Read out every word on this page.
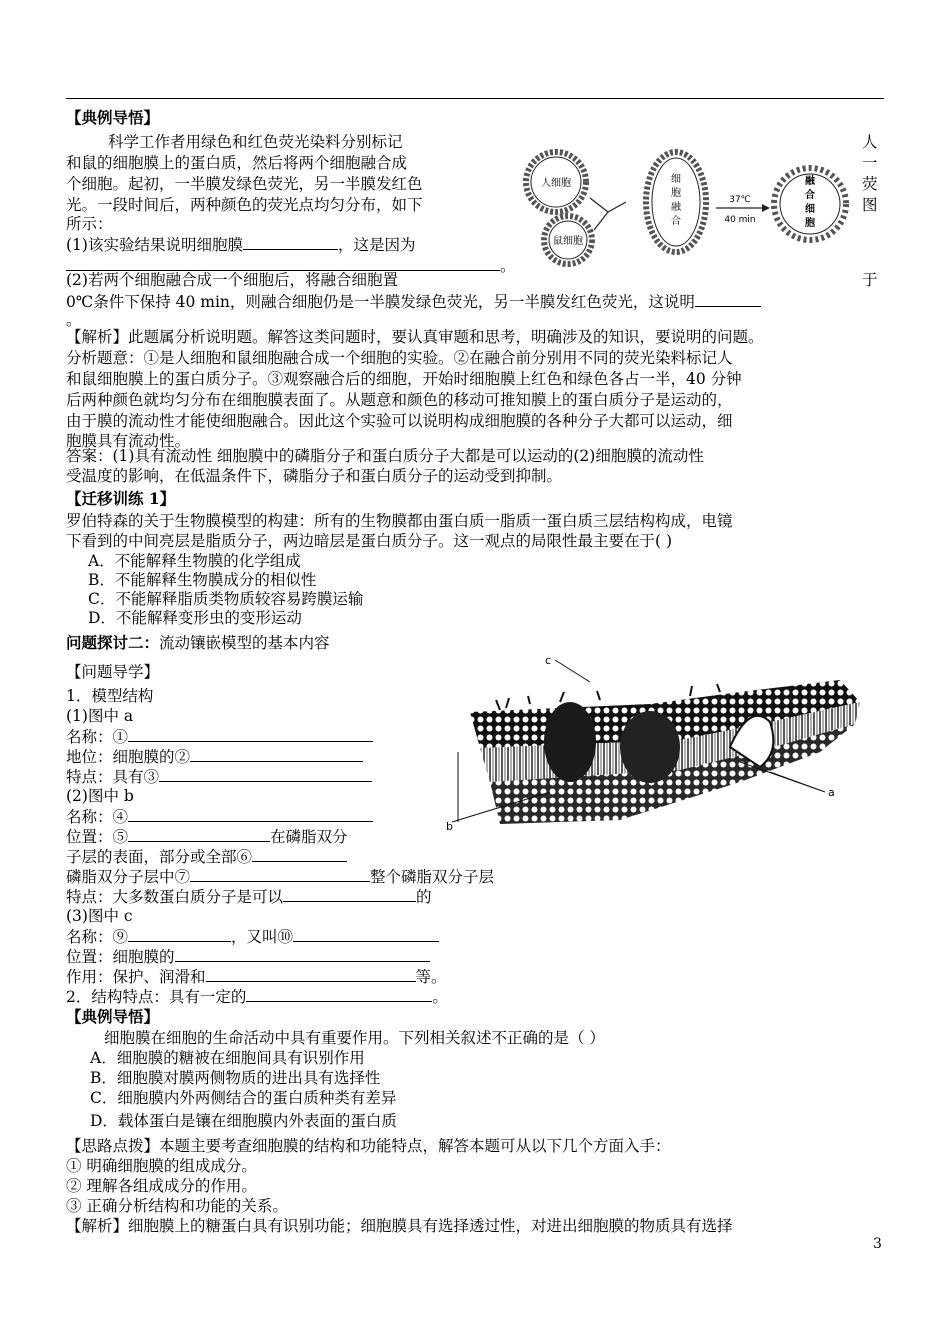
【典例导悟】
科学工作者用绿色和红色荧光染料分别标记
和鼠的细胞膜上的蛋白质，然后将两个细胞融合成
个细胞。起初，一半膜发绿色荧光，另一半膜发红色
光。一段时间后，两种颜色的荧光点均匀分布，如下
所示：
人
一
荧
图
于
(1)该实验结果说明细胞膜	，这是因为
。
(2)若两个细胞融合成一个细胞后，将融合细胞置
0℃条件下保持 40 min，则融合细胞仍是一半膜发绿色荧光，另一半膜发红色荧光，这说明
。
人细胞
鼠细胞
细胞融合
37℃
40 min
融合细胞
【解析】此题属分析说明题。解答这类问题时，要认真审题和思考，明确涉及的知识，要说明的问题。
分析题意：①是人细胞和鼠细胞融合成一个细胞的实验。②在融合前分别用不同的荧光染料标记人
和鼠细胞膜上的蛋白质分子。③观察融合后的细胞，开始时细胞膜上红色和绿色各占一半，40 分钟
后两种颜色就均匀分布在细胞膜表面了。从题意和颜色的移动可推知膜上的蛋白质分子是运动的，
由于膜的流动性才能使细胞融合。因此这个实验可以说明构成细胞膜的各种分子大都可以运动，细
胞膜具有流动性。
答案：(1)具有流动性 细胞膜中的磷脂分子和蛋白质分子大都是可以运动的(2)细胞膜的流动性
受温度的影响，在低温条件下，磷脂分子和蛋白质分子的运动受到抑制。
【迁移训练 1】
罗伯特森的关于生物膜模型的构建：所有的生物膜都由蛋白质一脂质一蛋白质三层结构构成，电镜
下看到的中间亮层是脂质分子，两边暗层是蛋白质分子。这一观点的局限性最主要在于( )
A．不能解释生物膜的化学组成
B．不能解释生物膜成分的相似性
C．不能解释脂质类物质较容易跨膜运输
D．不能解释变形虫的变形运动
问题探讨二：流动镶嵌模型的基本内容
【问题导学】
1．模型结构
(1)图中 a
名称：①
地位：细胞膜的②
特点：具有③
(2)图中 b
名称：④
位置：⑤	在磷脂双分
子层的表面，部分或全部⑥
磷脂双分子层中⑦	整个磷脂双分子层
特点：大多数蛋白质分子是可以	的
(3)图中 c
名称：⑨	，又叫⑩
位置：细胞膜的
作用：保护、润滑和	等。
2．结构特点：具有一定的	。
c
a
b
【典例导悟】
细胞膜在细胞的生命活动中具有重要作用。下列相关叙述不正确的是（ ）
A．细胞膜的糖被在细胞间具有识别作用
B．细胞膜对膜两侧物质的进出具有选择性
C．细胞膜内外两侧结合的蛋白质种类有差异
D．载体蛋白是镶在细胞膜内外表面的蛋白质
【思路点拨】本题主要考查细胞膜的结构和功能特点，解答本题可从以下几个方面入手：
① 明确细胞膜的组成成分。
② 理解各组成成分的作用。
③ 正确分析结构和功能的关系。
【解析】细胞膜上的糖蛋白具有识别功能；细胞膜具有选择透过性，对进出细胞膜的物质具有选择
3
